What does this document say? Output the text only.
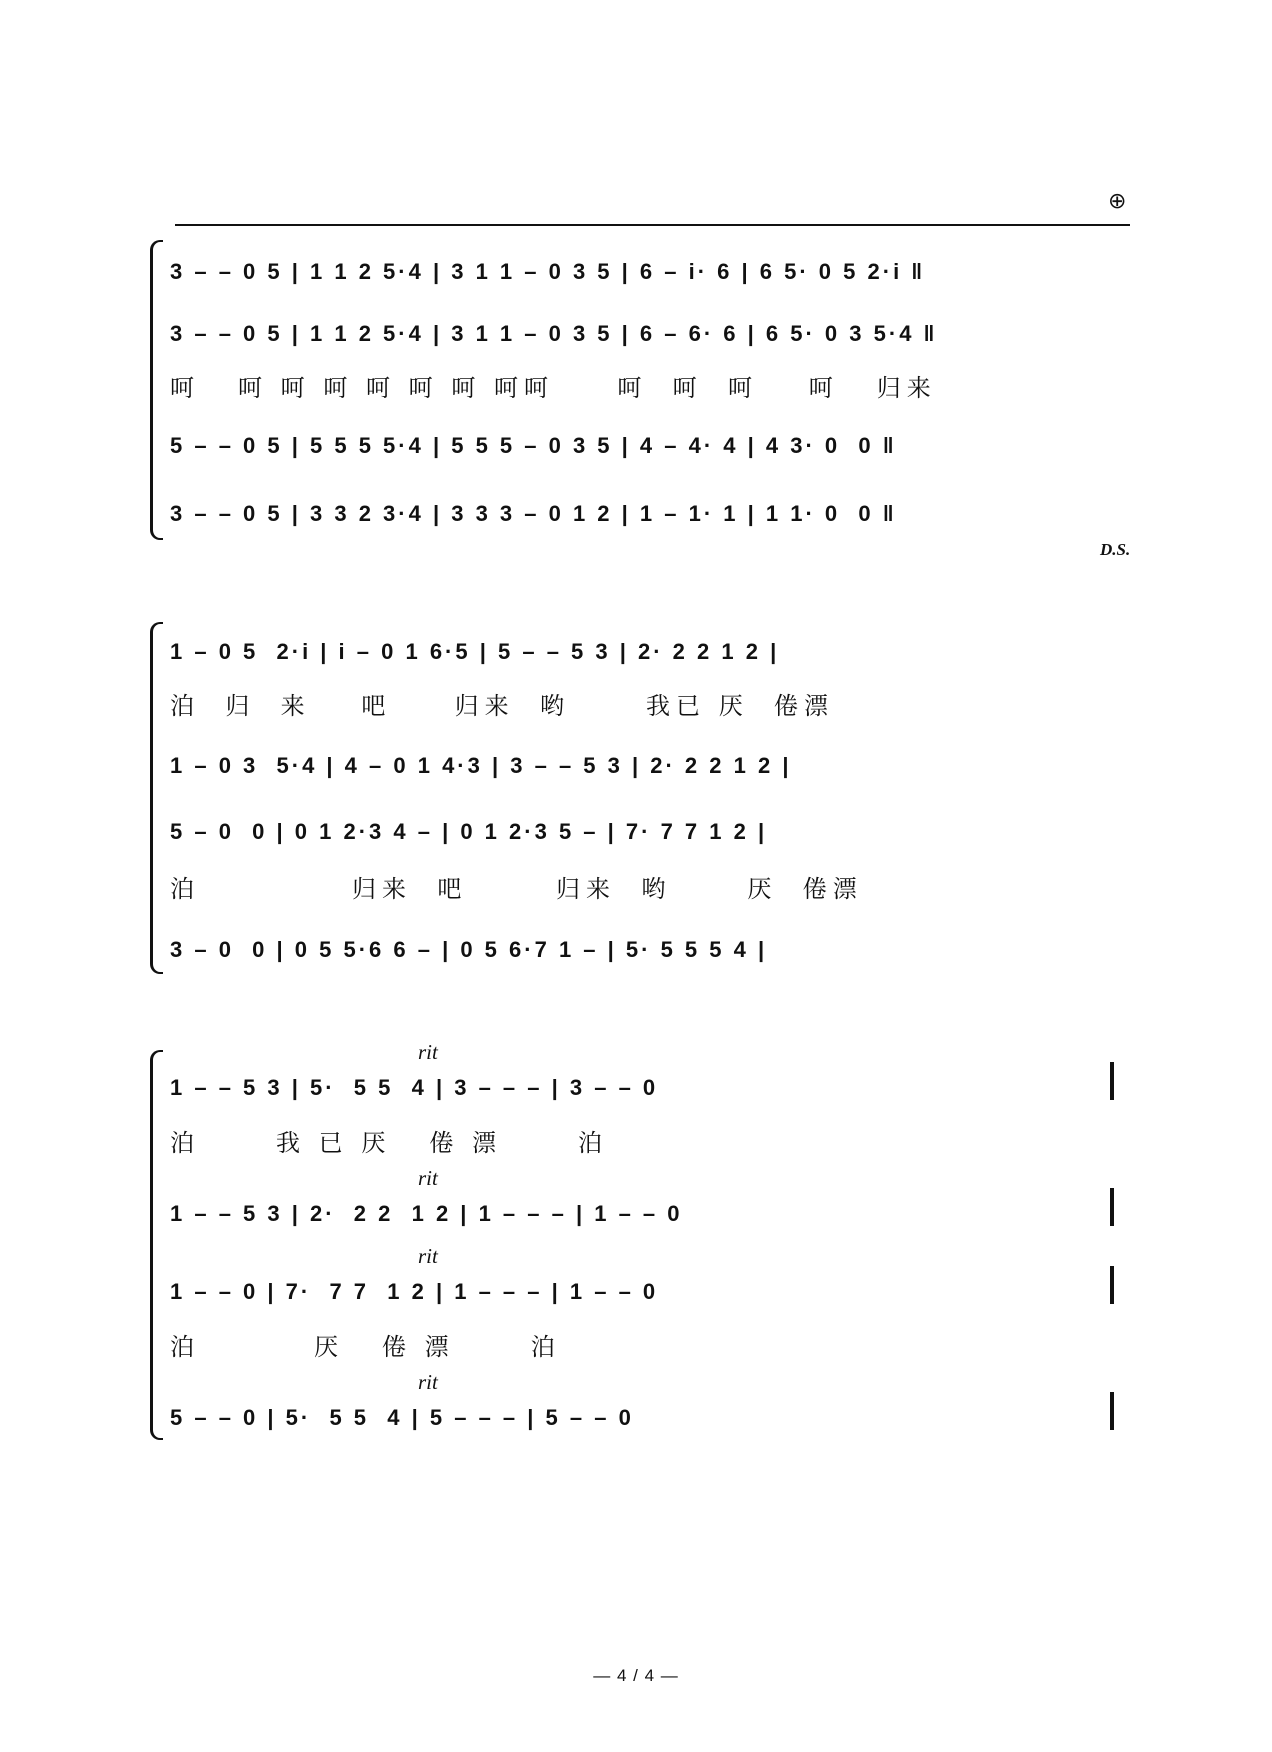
⊕
3 – – 0 5 | 1 1 2 5·4 | 3 1 1 – 0 3 5 | 6 – i· 6 | 6 5· 0 5 2·i ‖
3 – – 0 5 | 1 1 2 5·4 | 3 1 1 – 0 3 5 | 6 – 6· 6 | 6 5· 0 3 5·4 ‖
呵   呵 呵 呵 呵 呵 呵 呵呵     呵  呵  呵    呵   归来
5 – – 0 5 | 5 5 5 5·4 | 5 5 5 – 0 3 5 | 4 – 4· 4 | 4 3· 0  0 ‖
3 – – 0 5 | 3 3 2 3·4 | 3 3 3 – 0 1 2 | 1 – 1· 1 | 1 1· 0  0 ‖
D.S.
1 – 0 5  2·i | i – 0 1 6·5 | 5 – – 5 3 | 2· 2 2 1 2 |
泊  归  来    吧     归来  哟      我已 厌  倦漂
1 – 0 3  5·4 | 4 – 0 1 4·3 | 3 – – 5 3 | 2· 2 2 1 2 |
5 – 0  0 | 0 1 2·3 4 – | 0 1 2·3 5 – | 7· 7 7 1 2 |
泊            归来  吧       归来  哟      厌  倦漂
3 – 0  0 | 0 5 5·6 6 – | 0 5 6·7 1 – | 5· 5 5 5 4 |
rit
1 – – 5 3 | 5·  5 5  4 | 3 – – – | 3 – – 0
泊      我 已 厌   倦 漂      泊
rit
1 – – 5 3 | 2·  2 2  1 2 | 1 – – – | 1 – – 0
rit
1 – – 0 | 7·  7 7  1 2 | 1 – – – | 1 – – 0
泊         厌   倦 漂      泊
rit
5 – – 0 | 5·  5 5  4 | 5 – – – | 5 – – 0
— 4 / 4 —
